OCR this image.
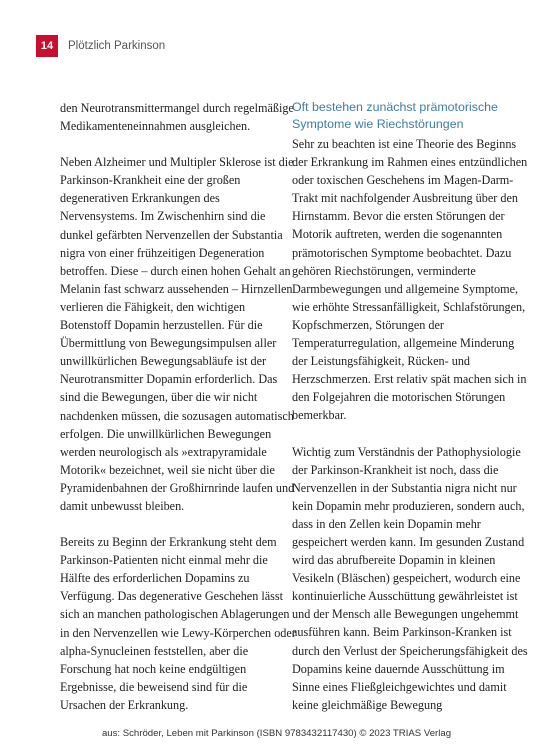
14	Plötzlich Parkinson

den Neurotransmittermangel durch regelmäßige Medikamenteneinnahmen ausgleichen.

Neben Alzheimer und Multipler Sklerose ist die Parkinson-Krankheit eine der großen degenerativen Erkrankungen des Nervensystems. Im Zwischenhirn sind die dunkel gefärbten Nervenzellen der Substantia nigra von einer frühzeitigen Degeneration betroffen. Diese – durch einen hohen Gehalt an Melanin fast schwarz aussehenden – Hirnzellen verlieren die Fähigkeit, den wichtigen Botenstoff Dopamin herzustellen. Für die Übermittlung von Bewegungsimpulsen aller unwillkürlichen Bewegungsabläufe ist der Neurotransmitter Dopamin erforderlich. Das sind die Bewegungen, über die wir nicht nachdenken müssen, die sozusagen automatisch erfolgen. Die unwillkürlichen Bewegungen werden neurologisch als »extrapyramidale Motorik« bezeichnet, weil sie nicht über die Pyramidenbahnen der Großhirnrinde laufen und damit unbewusst bleiben.

Bereits zu Beginn der Erkrankung steht dem Parkinson-Patienten nicht einmal mehr die Hälfte des erforderlichen Dopamins zu Verfügung. Das degenerative Geschehen lässt sich an manchen pathologischen Ablagerungen in den Nervenzellen wie Lewy-Körperchen oder alpha-Synucleinen feststellen, aber die Forschung hat noch keine endgültigen Ergebnisse, die beweisend sind für die Ursachen der Erkrankung.

Oft bestehen zunächst prämotorische Symptome wie Riechstörungen

Sehr zu beachten ist eine Theorie des Beginns der Erkrankung im Rahmen eines entzündlichen oder toxischen Geschehens im Magen-Darm-Trakt mit nachfolgender Ausbreitung über den Hirnstamm. Bevor die ersten Störungen der Motorik auftreten, werden die sogenannten prämotorischen Symptome beobachtet. Dazu gehören Riechstörungen, verminderte Darmbewegungen und allgemeine Symptome, wie erhöhte Stressanfälligkeit, Schlafstörungen, Kopfschmerzen, Störungen der Temperaturregulation, allgemeine Minderung der Leistungsfähigkeit, Rücken- und Herzschmerzen. Erst relativ spät machen sich in den Folgejahren die motorischen Störungen bemerkbar.

Wichtig zum Verständnis der Pathophysiologie der Parkinson-Krankheit ist noch, dass die Nervenzellen in der Substantia nigra nicht nur kein Dopamin mehr produzieren, sondern auch, dass in den Zellen kein Dopamin mehr gespeichert werden kann. Im gesunden Zustand wird das abrufbereite Dopamin in kleinen Vesikeln (Bläschen) gespeichert, wodurch eine kontinuierliche Ausschüttung gewährleistet ist und der Mensch alle Bewegungen ungehemmt ausführen kann. Beim Parkinson-Kranken ist durch den Verlust der Speicherungsfähigkeit des Dopamins keine dauernde Ausschüttung im Sinne eines Fließgleichgewichtes und damit keine gleichmäßige Bewegung

aus: Schröder, Leben mit Parkinson (ISBN 9783432117430) © 2023 TRIAS Verlag
